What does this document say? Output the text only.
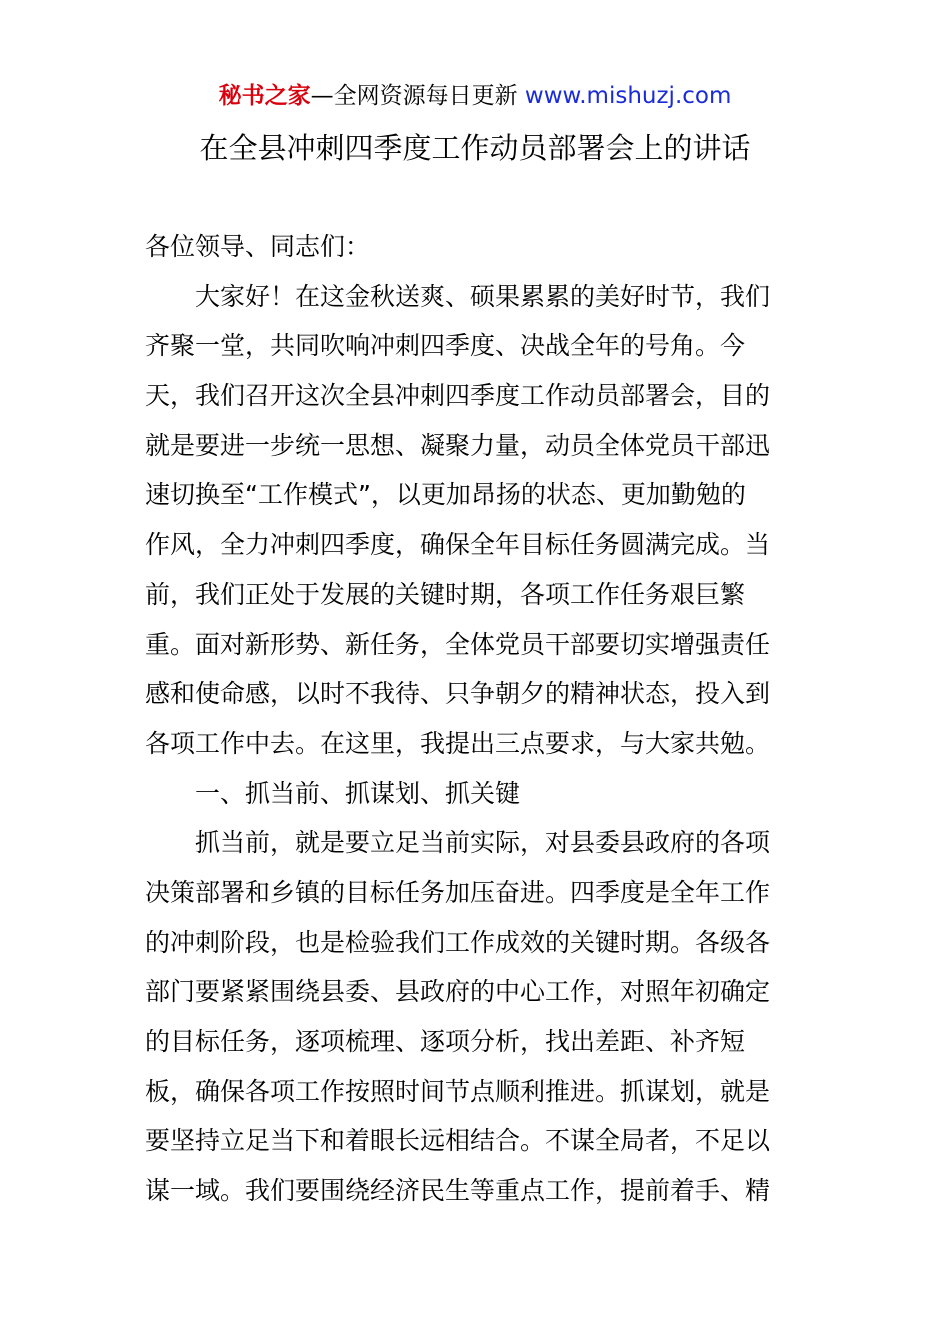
秘书之家—全网资源每日更新 www.mishuzj.com
在全县冲刺四季度工作动员部署会上的讲话
各位领导、同志们：
大家好！在这金秋送爽、硕果累累的美好时节，我们
齐聚一堂，共同吹响冲刺四季度、决战全年的号角。今
天，我们召开这次全县冲刺四季度工作动员部署会，目的
就是要进一步统一思想、凝聚力量，动员全体党员干部迅
速切换至“工作模式”，以更加昂扬的状态、更加勤勉的
作风，全力冲刺四季度，确保全年目标任务圆满完成。当
前，我们正处于发展的关键时期，各项工作任务艰巨繁
重。面对新形势、新任务，全体党员干部要切实增强责任
感和使命感，以时不我待、只争朝夕的精神状态，投入到
各项工作中去。在这里，我提出三点要求，与大家共勉。
一、抓当前、抓谋划、抓关键
抓当前，就是要立足当前实际，对县委县政府的各项
决策部署和乡镇的目标任务加压奋进。四季度是全年工作
的冲刺阶段，也是检验我们工作成效的关键时期。各级各
部门要紧紧围绕县委、县政府的中心工作，对照年初确定
的目标任务，逐项梳理、逐项分析，找出差距、补齐短
板，确保各项工作按照时间节点顺利推进。抓谋划，就是
要坚持立足当下和着眼长远相结合。不谋全局者，不足以
谋一域。我们要围绕经济民生等重点工作，提前着手、精
